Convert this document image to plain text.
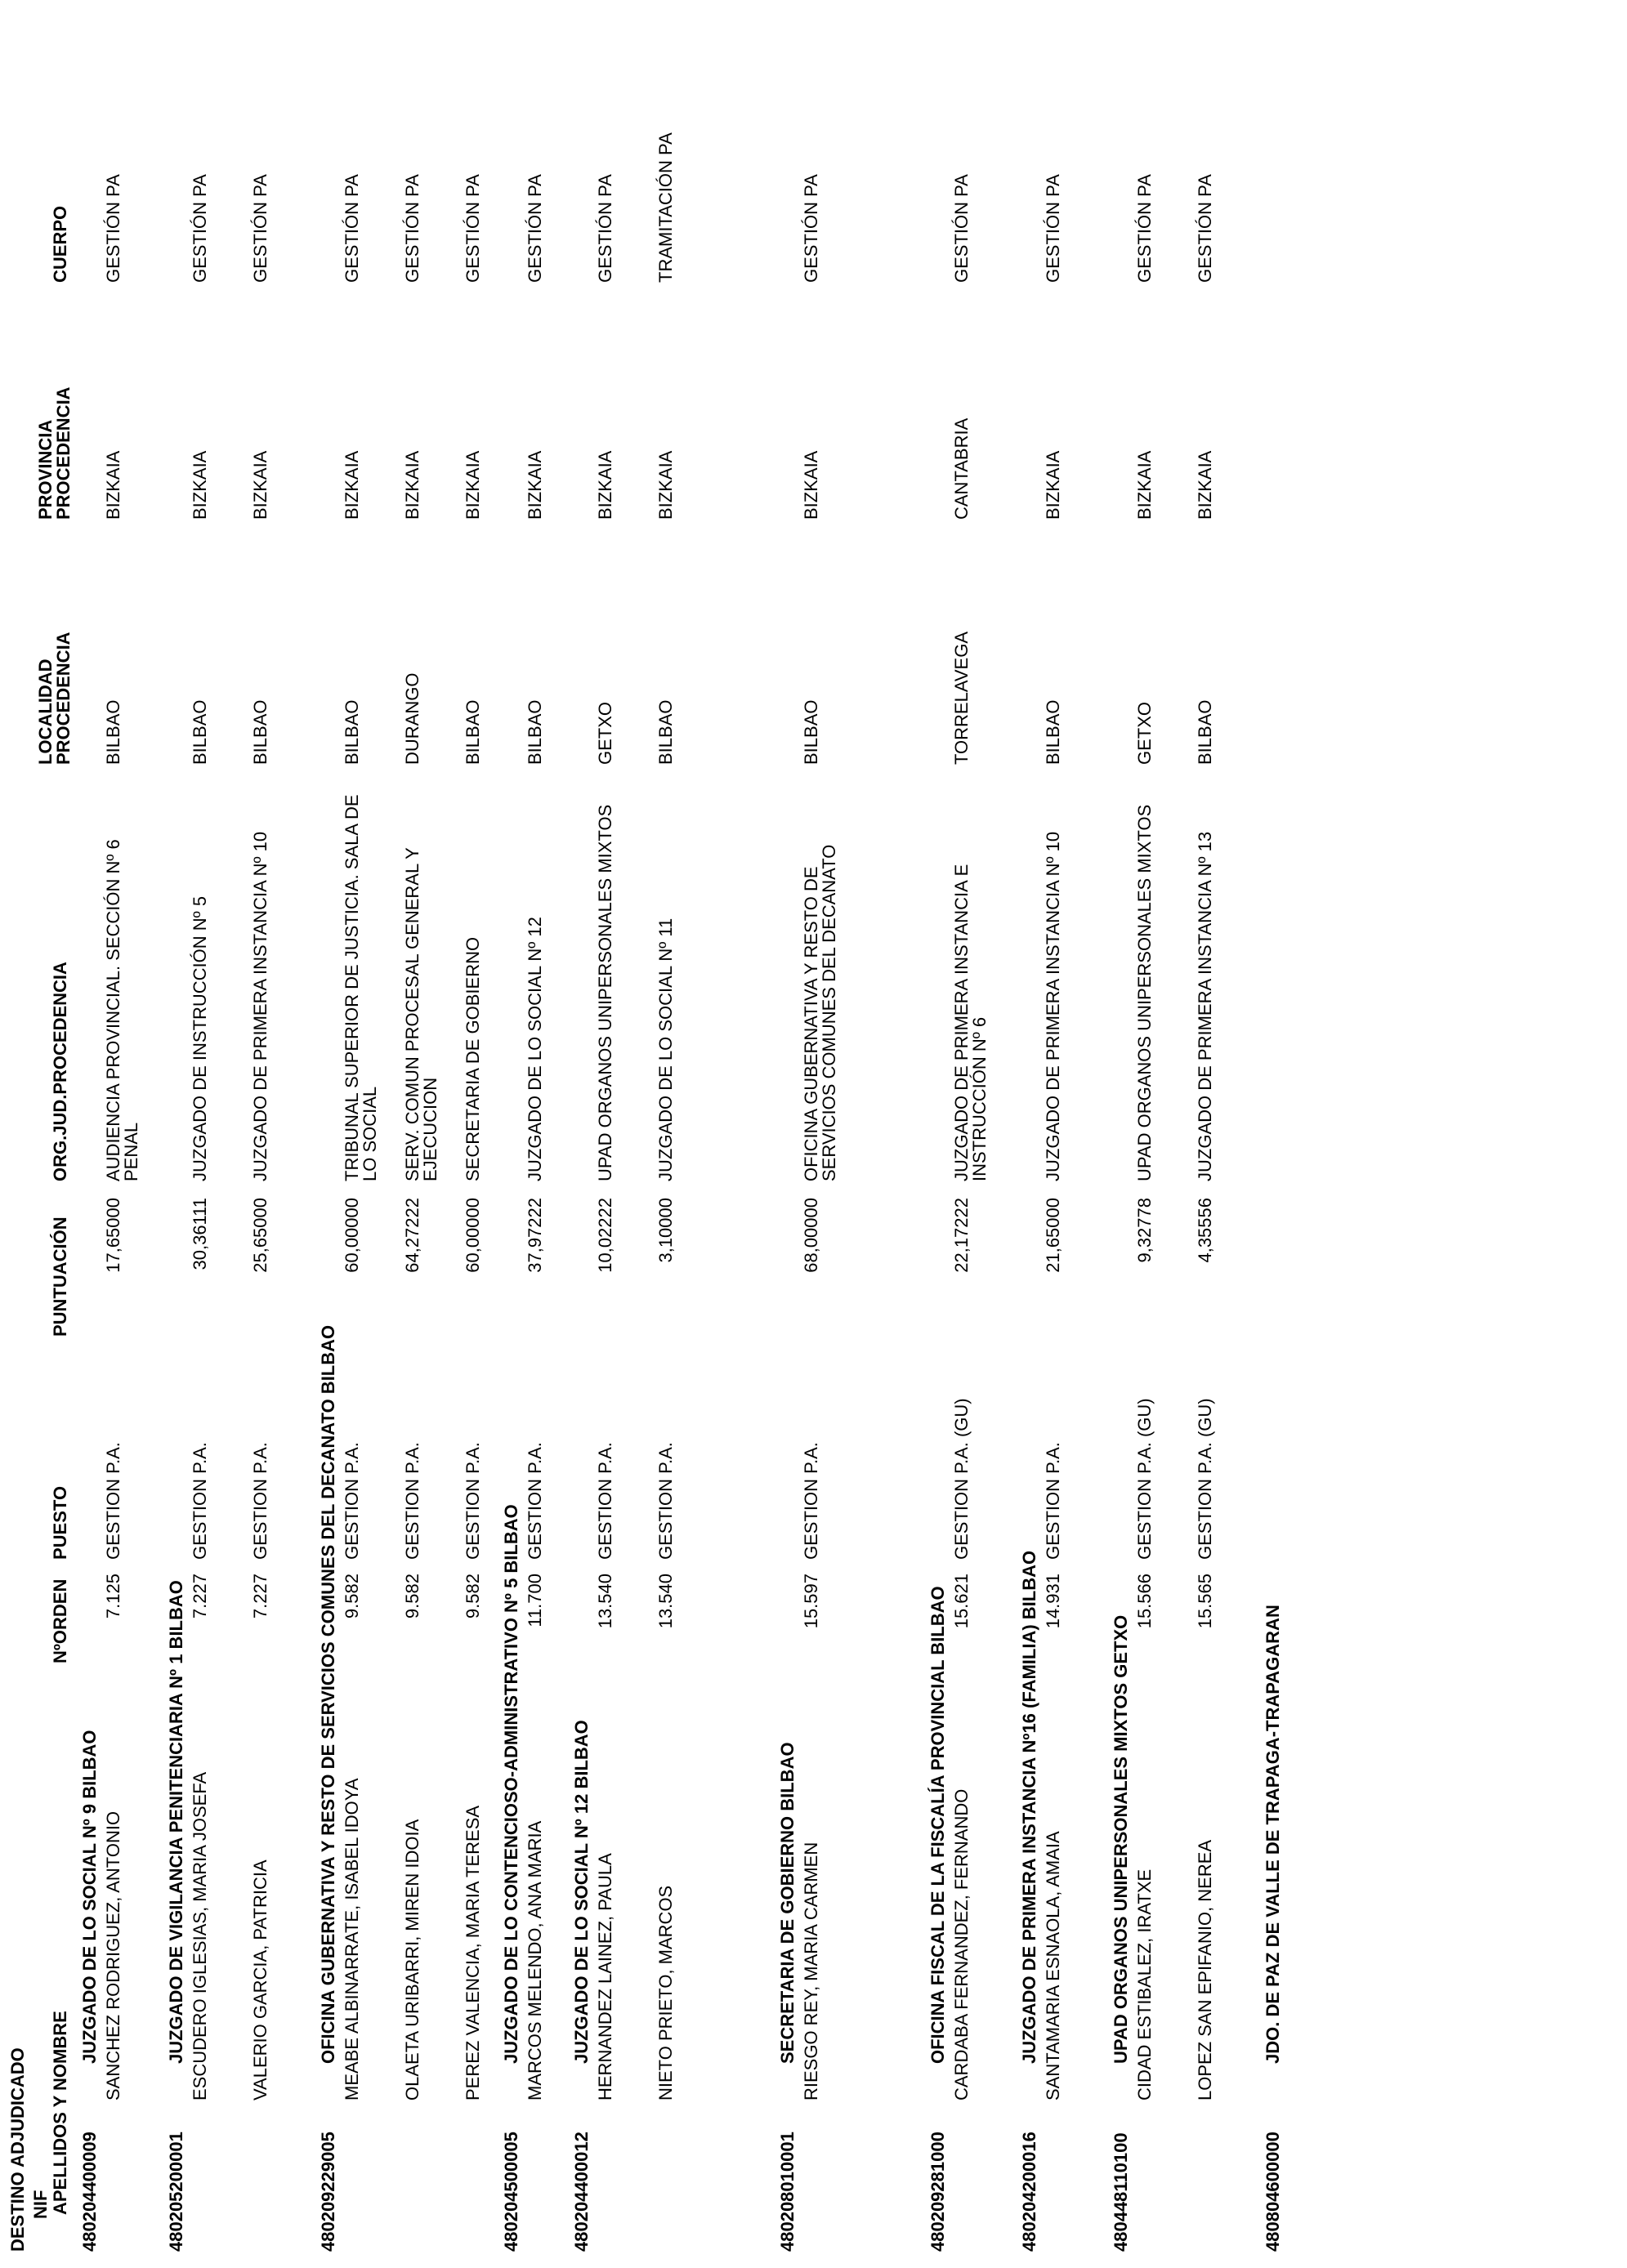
DESTINO ADJUDICADO NIF APELLIDOS Y NOMBRE
NºORDEN
PUESTO
PUNTUACIÓN
ORG.JUD.PROCEDENCIA
LOCALIDAD
PROCEDENCIA
PROVINCIA
PROCEDENCIA
CUERPO
480204400009
JUZGADO DE LO SOCIAL Nº 9 BILBAO SANCHEZ RODRIGUEZ, ANTONIO
7.125
GESTION P.A.
17,65000
AUDIENCIA PROVINCIAL. SECCIÓN Nº 6 PENAL
BILBAO
BIZKAIA
GESTIÓN PA
480205200001
JUZGADO DE VIGILANCIA PENITENCIARIA Nº 1 BILBAO ESCUDERO IGLESIAS, MARIA JOSEFA
7.227
GESTION P.A.
30,36111
JUZGADO DE INSTRUCCIÓN Nº 5
BILBAO
BIZKAIA
GESTIÓN PA
VALERIO GARCIA, PATRICIA
7.227
GESTION P.A.
25,65000
JUZGADO DE PRIMERA INSTANCIA Nº 10
BILBAO
BIZKAIA
GESTIÓN PA
480209229005
OFICINA GUBERNATIVA Y RESTO DE SERVICIOS COMUNES DEL DECANATO BILBAO MEABE ALBINARRATE, ISABEL IDOYA
9.582
GESTION P.A.
60,00000
TRIBUNAL SUPERIOR DE JUSTICIA. SALA DE LO SOCIAL
BILBAO
BIZKAIA
GESTIÓN PA
OLAETA URIBARRI, MIREN IDOIA
9.582
GESTION P.A.
64,27222
SERV. COMUN PROCESAL GENERAL Y EJECUCION
DURANGO
BIZKAIA
GESTIÓN PA
PEREZ VALENCIA, MARIA TERESA
9.582
GESTION P.A.
60,00000
SECRETARIA DE GOBIERNO
BILBAO
BIZKAIA
GESTIÓN PA
480204500005
JUZGADO DE LO CONTENCIOSO-ADMINISTRATIVO Nº 5 BILBAO MARCOS MELENDO, ANA MARIA
11.700
GESTION P.A.
37,97222
JUZGADO DE LO SOCIAL Nº 12
BILBAO
BIZKAIA
GESTIÓN PA
480204400012
JUZGADO DE LO SOCIAL Nº 12 BILBAO HERNANDEZ LAINEZ, PAULA
13.540
GESTION P.A.
10,02222
UPAD ORGANOS UNIPERSONALES MIXTOS
GETXO
BIZKAIA
GESTIÓN PA
NIETO PRIETO, MARCOS
13.540
GESTION P.A.
3,10000
JUZGADO DE LO SOCIAL Nº 11
BILBAO
BIZKAIA
TRAMITACIÓN PA
480208010001
SECRETARIA DE GOBIERNO BILBAO RIESGO REY, MARIA CARMEN
15.597
GESTION P.A.
68,00000
OFICINA GUBERNATIVA Y RESTO DE SERVICIOS COMUNES DEL DECANATO
BILBAO
BIZKAIA
GESTIÓN PA
480209281000
OFICINA FISCAL DE LA FISCALÍA PROVINCIAL BILBAO CARDABA FERNANDEZ, FERNANDO
15.621
GESTION P.A. (GU)
22,17222
JUZGADO DE PRIMERA INSTANCIA E INSTRUCCIÓN Nº 6
TORRELAVEGA
CANTABRIA
GESTIÓN PA
480204200016
JUZGADO DE PRIMERA INSTANCIA Nº16 (FAMILIA) BILBAO SANTAMARIA ESNAOLA, AMAIA
14.931
GESTION P.A.
21,65000
JUZGADO DE PRIMERA INSTANCIA Nº 10
BILBAO
BIZKAIA
GESTIÓN PA
480448110100
UPAD ORGANOS UNIPERSONALES MIXTOS GETXO CIDAD ESTIBALEZ, IRATXE
15.566
GESTION P.A. (GU)
9,32778
UPAD ORGANOS UNIPERSONALES MIXTOS
GETXO
BIZKAIA
GESTIÓN PA
LOPEZ SAN EPIFANIO, NEREA
15.565
GESTION P.A. (GU)
4,35556
JUZGADO DE PRIMERA INSTANCIA Nº 13
BILBAO
BIZKAIA
GESTIÓN PA
480804600000
JDO. DE PAZ DE VALLE DE TRAPAGA-TRAPAGARAN
